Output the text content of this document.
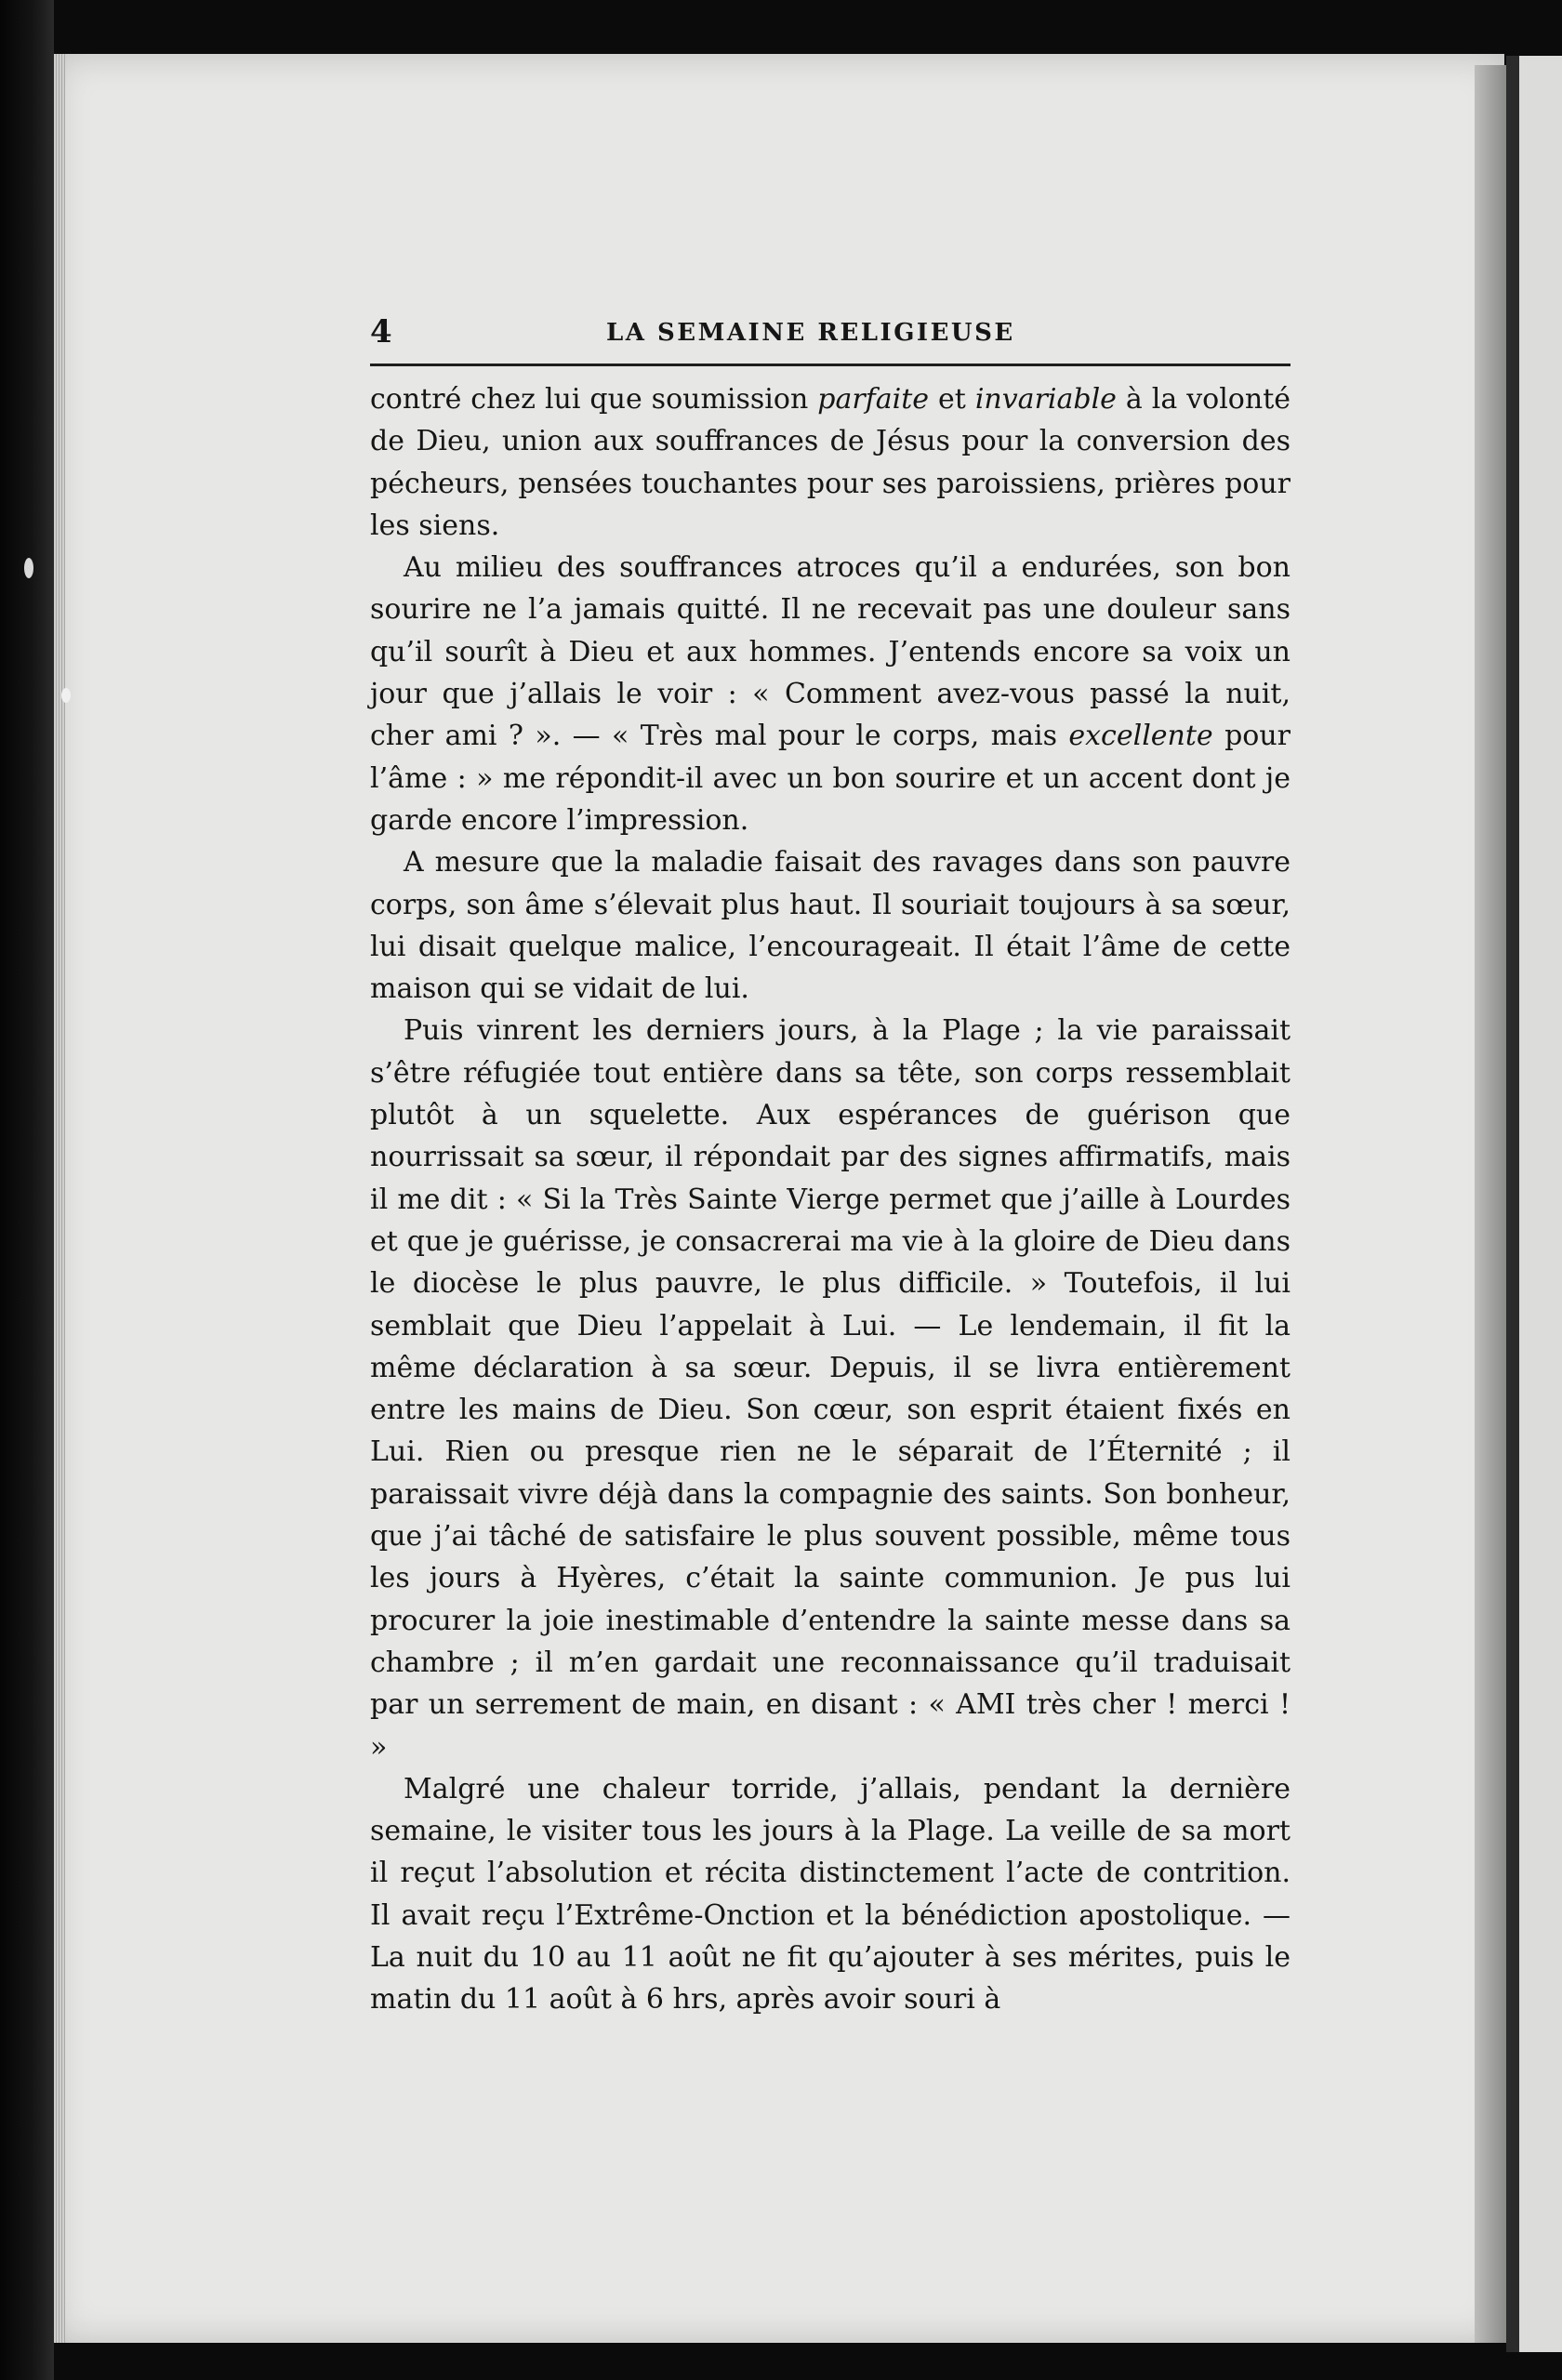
4	LA SEMAINE RELIGIEUSE

contré chez lui que soumission parfaite et invariable à la volonté de Dieu, union aux souffrances de Jésus pour la conversion des pécheurs, pensées touchantes pour ses paroissiens, prières pour les siens.

Au milieu des souffrances atroces qu’il a endurées, son bon sourire ne l’a jamais quitté. Il ne recevait pas une douleur sans qu’il sourît à Dieu et aux hommes. J’entends encore sa voix un jour que j’allais le voir : « Comment avez-vous passé la nuit, cher ami ? ». — « Très mal pour le corps, mais excellente pour l’âme : » me répondit-il avec un bon sourire et un accent dont je garde encore l’impression.

A mesure que la maladie faisait des ravages dans son pauvre corps, son âme s’élevait plus haut. Il souriait toujours à sa sœur, lui disait quelque malice, l’encourageait. Il était l’âme de cette maison qui se vidait de lui.

Puis vinrent les derniers jours, à la Plage ; la vie paraissait s’être réfugiée tout entière dans sa tête, son corps ressemblait plutôt à un squelette. Aux espérances de guérison que nourrissait sa sœur, il répondait par des signes affirmatifs, mais il me dit : « Si la Très Sainte Vierge permet que j’aille à Lourdes et que je guérisse, je consacrerai ma vie à la gloire de Dieu dans le diocèse le plus pauvre, le plus difficile. » Toutefois, il lui semblait que Dieu l’appelait à Lui. — Le lendemain, il fit la même déclaration à sa sœur. Depuis, il se livra entièrement entre les mains de Dieu. Son cœur, son esprit étaient fixés en Lui. Rien ou presque rien ne le séparait de l’Éternité ; il paraissait vivre déjà dans la compagnie des saints. Son bonheur, que j’ai tâché de satisfaire le plus souvent possible, même tous les jours à Hyères, c’était la sainte communion. Je pus lui procurer la joie inestimable d’entendre la sainte messe dans sa chambre ; il m’en gardait une reconnaissance qu’il traduisait par un serrement de main, en disant : « AMI très cher ! merci ! »

Malgré une chaleur torride, j’allais, pendant la dernière semaine, le visiter tous les jours à la Plage. La veille de sa mort il reçut l’absolution et récita distinctement l’acte de contrition. Il avait reçu l’Extrême-Onction et la bénédiction apostolique. — La nuit du 10 au 11 août ne fit qu’ajouter à ses mérites, puis le matin du 11 août à 6 hrs, après avoir souri à
